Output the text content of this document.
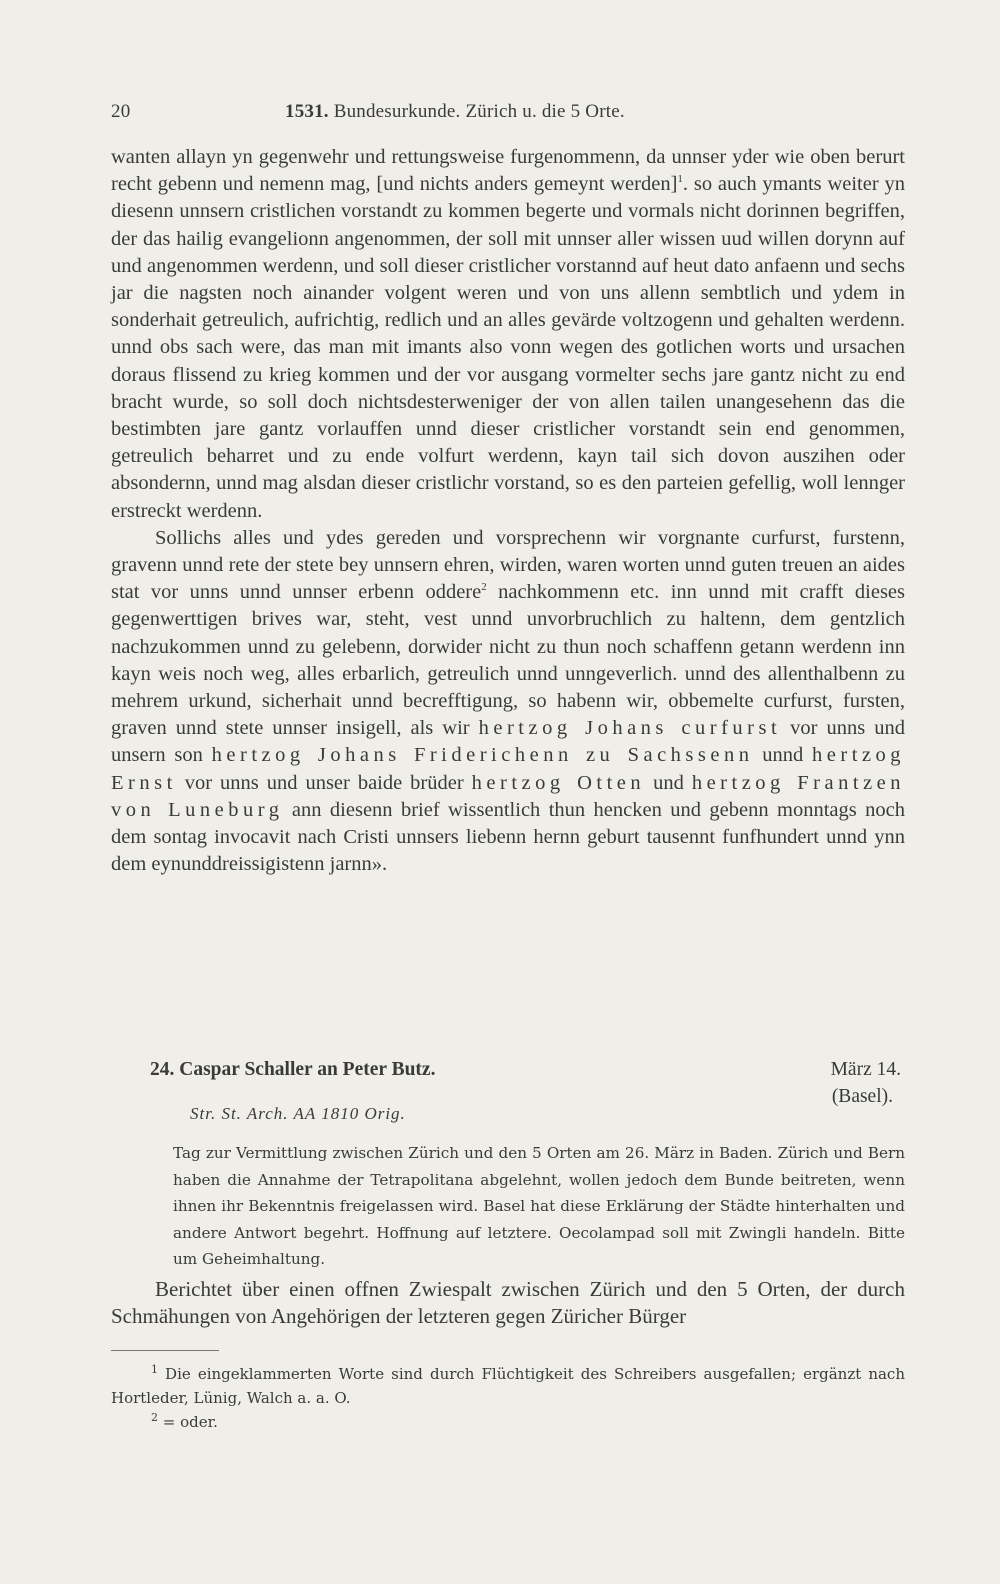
20	1531. Bundesurkunde. Zürich u. die 5 Orte.

wanten allayn yn gegenwehr und rettungsweise furgenommenn, da unnser yder wie oben berurt recht gebenn und nemenn mag, [und nichts anders gemeynt werden]$^1$. so auch ymants weiter yn diesenn unnsern cristlichen vorstandt zu kommen begerte und vormals nicht dorinnen begriffen, der das hailig evangelionn angenommen, der soll mit unnser aller wissen uud willen dorynn auf und angenommen werdenn, und soll dieser cristlicher vorstannd auf heut dato anfaenn und sechs jar die nagsten noch ainander volgent weren und von uns allenn sembtlich und ydem in sonderhait getreulich, aufrichtig, redlich und an alles gevärde voltzogenn und gehalten werdenn. unnd obs sach were, das man mit imants also vonn wegen des gotlichen worts und ursachen doraus flissend zu krieg kommen und der vor ausgang vormelter sechs jare gantz nicht zu end bracht wurde, so soll doch nichtsdesterweniger der von allen tailen unangesehenn das die bestimbten jare gantz vorlauffen unnd dieser cristlicher vorstandt sein end genommen, getreulich beharret und zu ende volfurt werdenn, kayn tail sich dovon auszihen oder absondernn, unnd mag alsdan dieser cristlichr vorstand, so es den parteien gefellig, woll lennger erstreckt werdenn.

Sollichs alles und ydes gereden und vorsprechenn wir vorgnante curfurst, furstenn, gravenn unnd rete der stete bey unnsern ehren, wirden, waren worten unnd guten treuen an aides stat vor unns unnd unnser erbenn oddere$^2$ nachkommenn etc. inn unnd mit crafft dieses gegenwerttigen brives war, steht, vest unnd unvorbruchlich zu haltenn, dem gentzlich nachzukommen unnd zu gelebenn, dorwider nicht zu thun noch schaffenn getann werdenn inn kayn weis noch weg, alles erbarlich, getreulich unnd unngeverlich. unnd des allenthalbenn zu mehrem urkund, sicherhait unnd becrefftigung, so habenn wir, obbemelte curfurst, fursten, graven unnd stete unnser insigell, als wir hertzog Johans curfurst vor unns und unsern son hertzog Johans Friderichenn zu Sachssenn unnd hertzog Ernst vor unns und unser baide brüder hertzog Otten und hertzog Frantzen von Luneburg ann diesenn brief wissentlich thun hencken und gebenn monntags noch dem sontag invocavit nach Cristi unnsers liebenn hernn geburt tausennt funfhundert unnd ynn dem eynunddreissigistenn jarnn».

24. Caspar Schaller an Peter Butz.	März 14.
(Basel).
Str. St. Arch. AA 1810 Orig.
Tag zur Vermittlung zwischen Zürich und den 5 Orten am 26. März in Baden. Zürich und Bern haben die Annahme der Tetrapolitana abgelehnt, wollen jedoch dem Bunde beitreten, wenn ihnen ihr Bekenntnis freigelassen wird. Basel hat diese Erklärung der Städte hinterhalten und andere Antwort begehrt. Hoffnung auf letztere. Oecolampad soll mit Zwingli handeln. Bitte um Geheimhaltung.

Berichtet über einen offnen Zwiespalt zwischen Zürich und den 5 Orten, der durch Schmähungen von Angehörigen der letzteren gegen Züricher Bürger

$^1$ Die eingeklammerten Worte sind durch Flüchtigkeit des Schreibers ausgefallen; ergänzt nach Hortleder, Lünig, Walch a. a. O.

$^2$ = oder.
